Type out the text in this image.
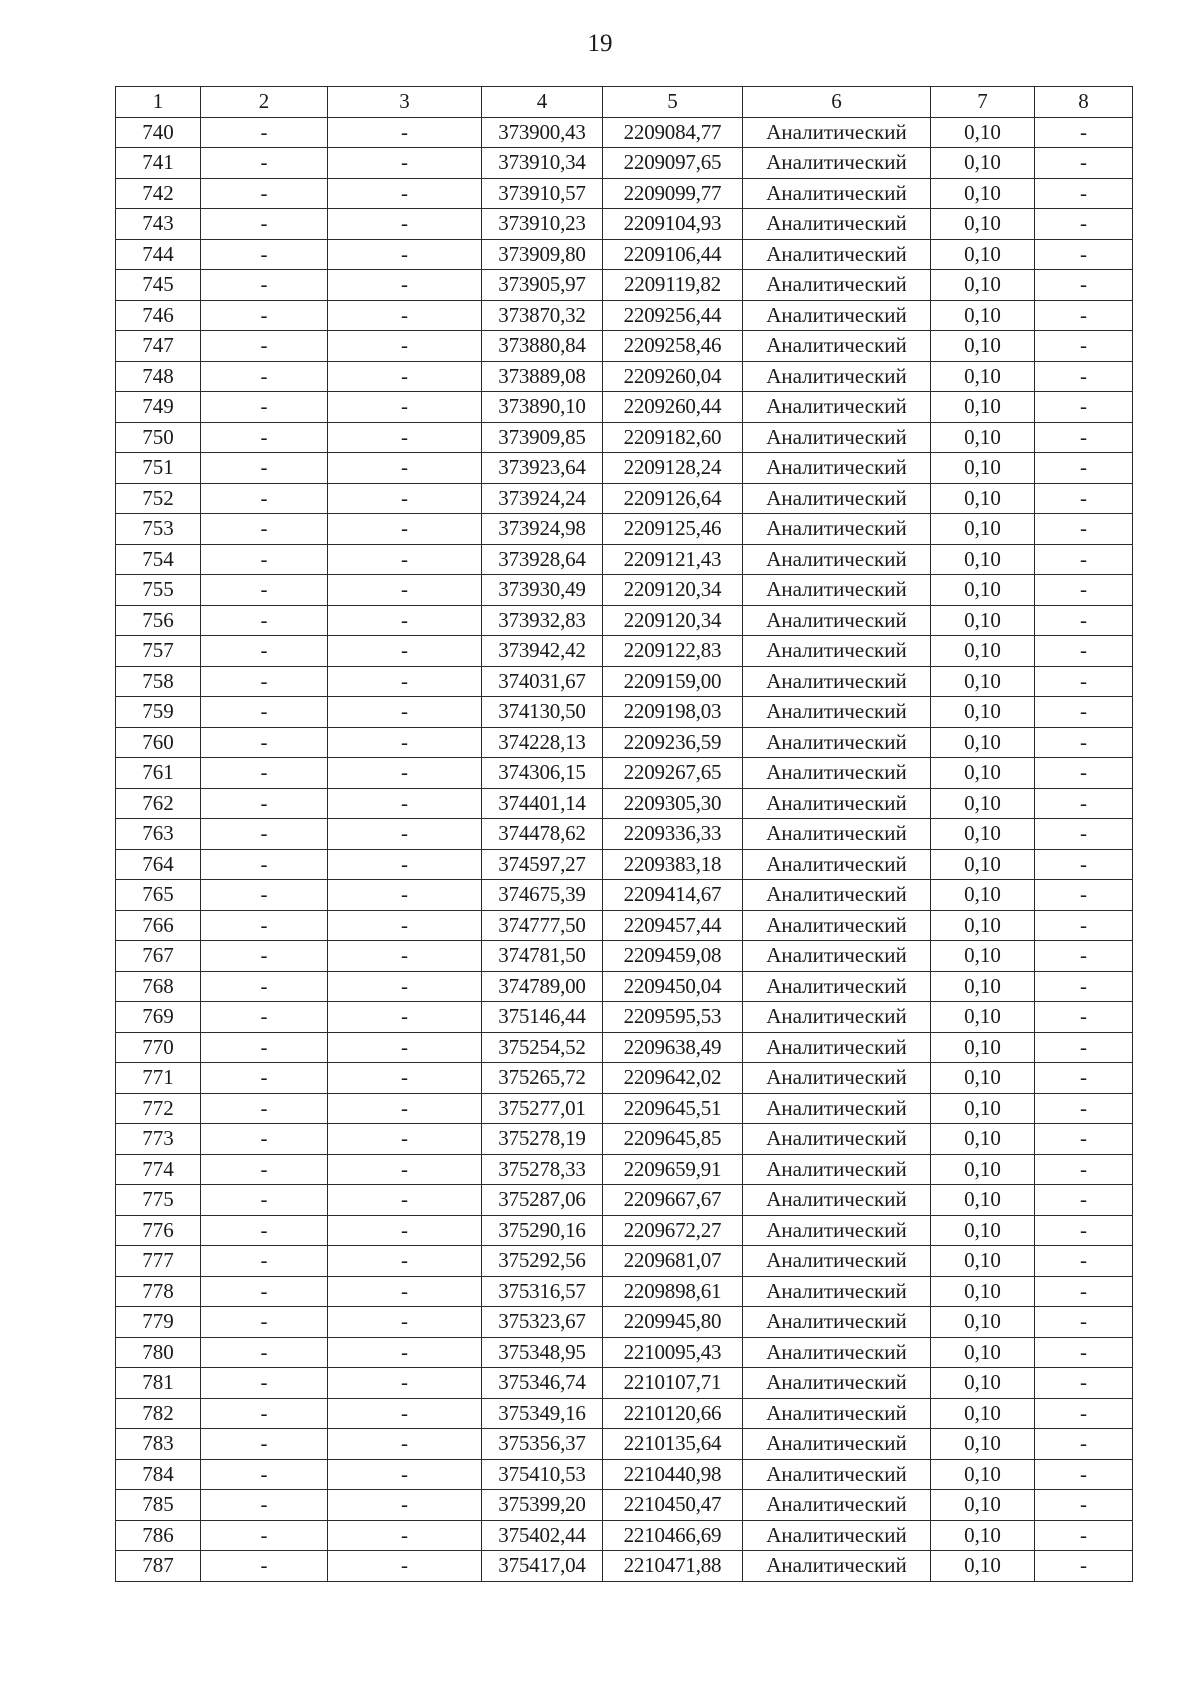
19
1	2	3	4	5	6	7	8
740	-	-	373900,43	2209084,77	Аналитический	0,10	-
741	-	-	373910,34	2209097,65	Аналитический	0,10	-
742	-	-	373910,57	2209099,77	Аналитический	0,10	-
743	-	-	373910,23	2209104,93	Аналитический	0,10	-
744	-	-	373909,80	2209106,44	Аналитический	0,10	-
745	-	-	373905,97	2209119,82	Аналитический	0,10	-
746	-	-	373870,32	2209256,44	Аналитический	0,10	-
747	-	-	373880,84	2209258,46	Аналитический	0,10	-
748	-	-	373889,08	2209260,04	Аналитический	0,10	-
749	-	-	373890,10	2209260,44	Аналитический	0,10	-
750	-	-	373909,85	2209182,60	Аналитический	0,10	-
751	-	-	373923,64	2209128,24	Аналитический	0,10	-
752	-	-	373924,24	2209126,64	Аналитический	0,10	-
753	-	-	373924,98	2209125,46	Аналитический	0,10	-
754	-	-	373928,64	2209121,43	Аналитический	0,10	-
755	-	-	373930,49	2209120,34	Аналитический	0,10	-
756	-	-	373932,83	2209120,34	Аналитический	0,10	-
757	-	-	373942,42	2209122,83	Аналитический	0,10	-
758	-	-	374031,67	2209159,00	Аналитический	0,10	-
759	-	-	374130,50	2209198,03	Аналитический	0,10	-
760	-	-	374228,13	2209236,59	Аналитический	0,10	-
761	-	-	374306,15	2209267,65	Аналитический	0,10	-
762	-	-	374401,14	2209305,30	Аналитический	0,10	-
763	-	-	374478,62	2209336,33	Аналитический	0,10	-
764	-	-	374597,27	2209383,18	Аналитический	0,10	-
765	-	-	374675,39	2209414,67	Аналитический	0,10	-
766	-	-	374777,50	2209457,44	Аналитический	0,10	-
767	-	-	374781,50	2209459,08	Аналитический	0,10	-
768	-	-	374789,00	2209450,04	Аналитический	0,10	-
769	-	-	375146,44	2209595,53	Аналитический	0,10	-
770	-	-	375254,52	2209638,49	Аналитический	0,10	-
771	-	-	375265,72	2209642,02	Аналитический	0,10	-
772	-	-	375277,01	2209645,51	Аналитический	0,10	-
773	-	-	375278,19	2209645,85	Аналитический	0,10	-
774	-	-	375278,33	2209659,91	Аналитический	0,10	-
775	-	-	375287,06	2209667,67	Аналитический	0,10	-
776	-	-	375290,16	2209672,27	Аналитический	0,10	-
777	-	-	375292,56	2209681,07	Аналитический	0,10	-
778	-	-	375316,57	2209898,61	Аналитический	0,10	-
779	-	-	375323,67	2209945,80	Аналитический	0,10	-
780	-	-	375348,95	2210095,43	Аналитический	0,10	-
781	-	-	375346,74	2210107,71	Аналитический	0,10	-
782	-	-	375349,16	2210120,66	Аналитический	0,10	-
783	-	-	375356,37	2210135,64	Аналитический	0,10	-
784	-	-	375410,53	2210440,98	Аналитический	0,10	-
785	-	-	375399,20	2210450,47	Аналитический	0,10	-
786	-	-	375402,44	2210466,69	Аналитический	0,10	-
787	-	-	375417,04	2210471,88	Аналитический	0,10	-
